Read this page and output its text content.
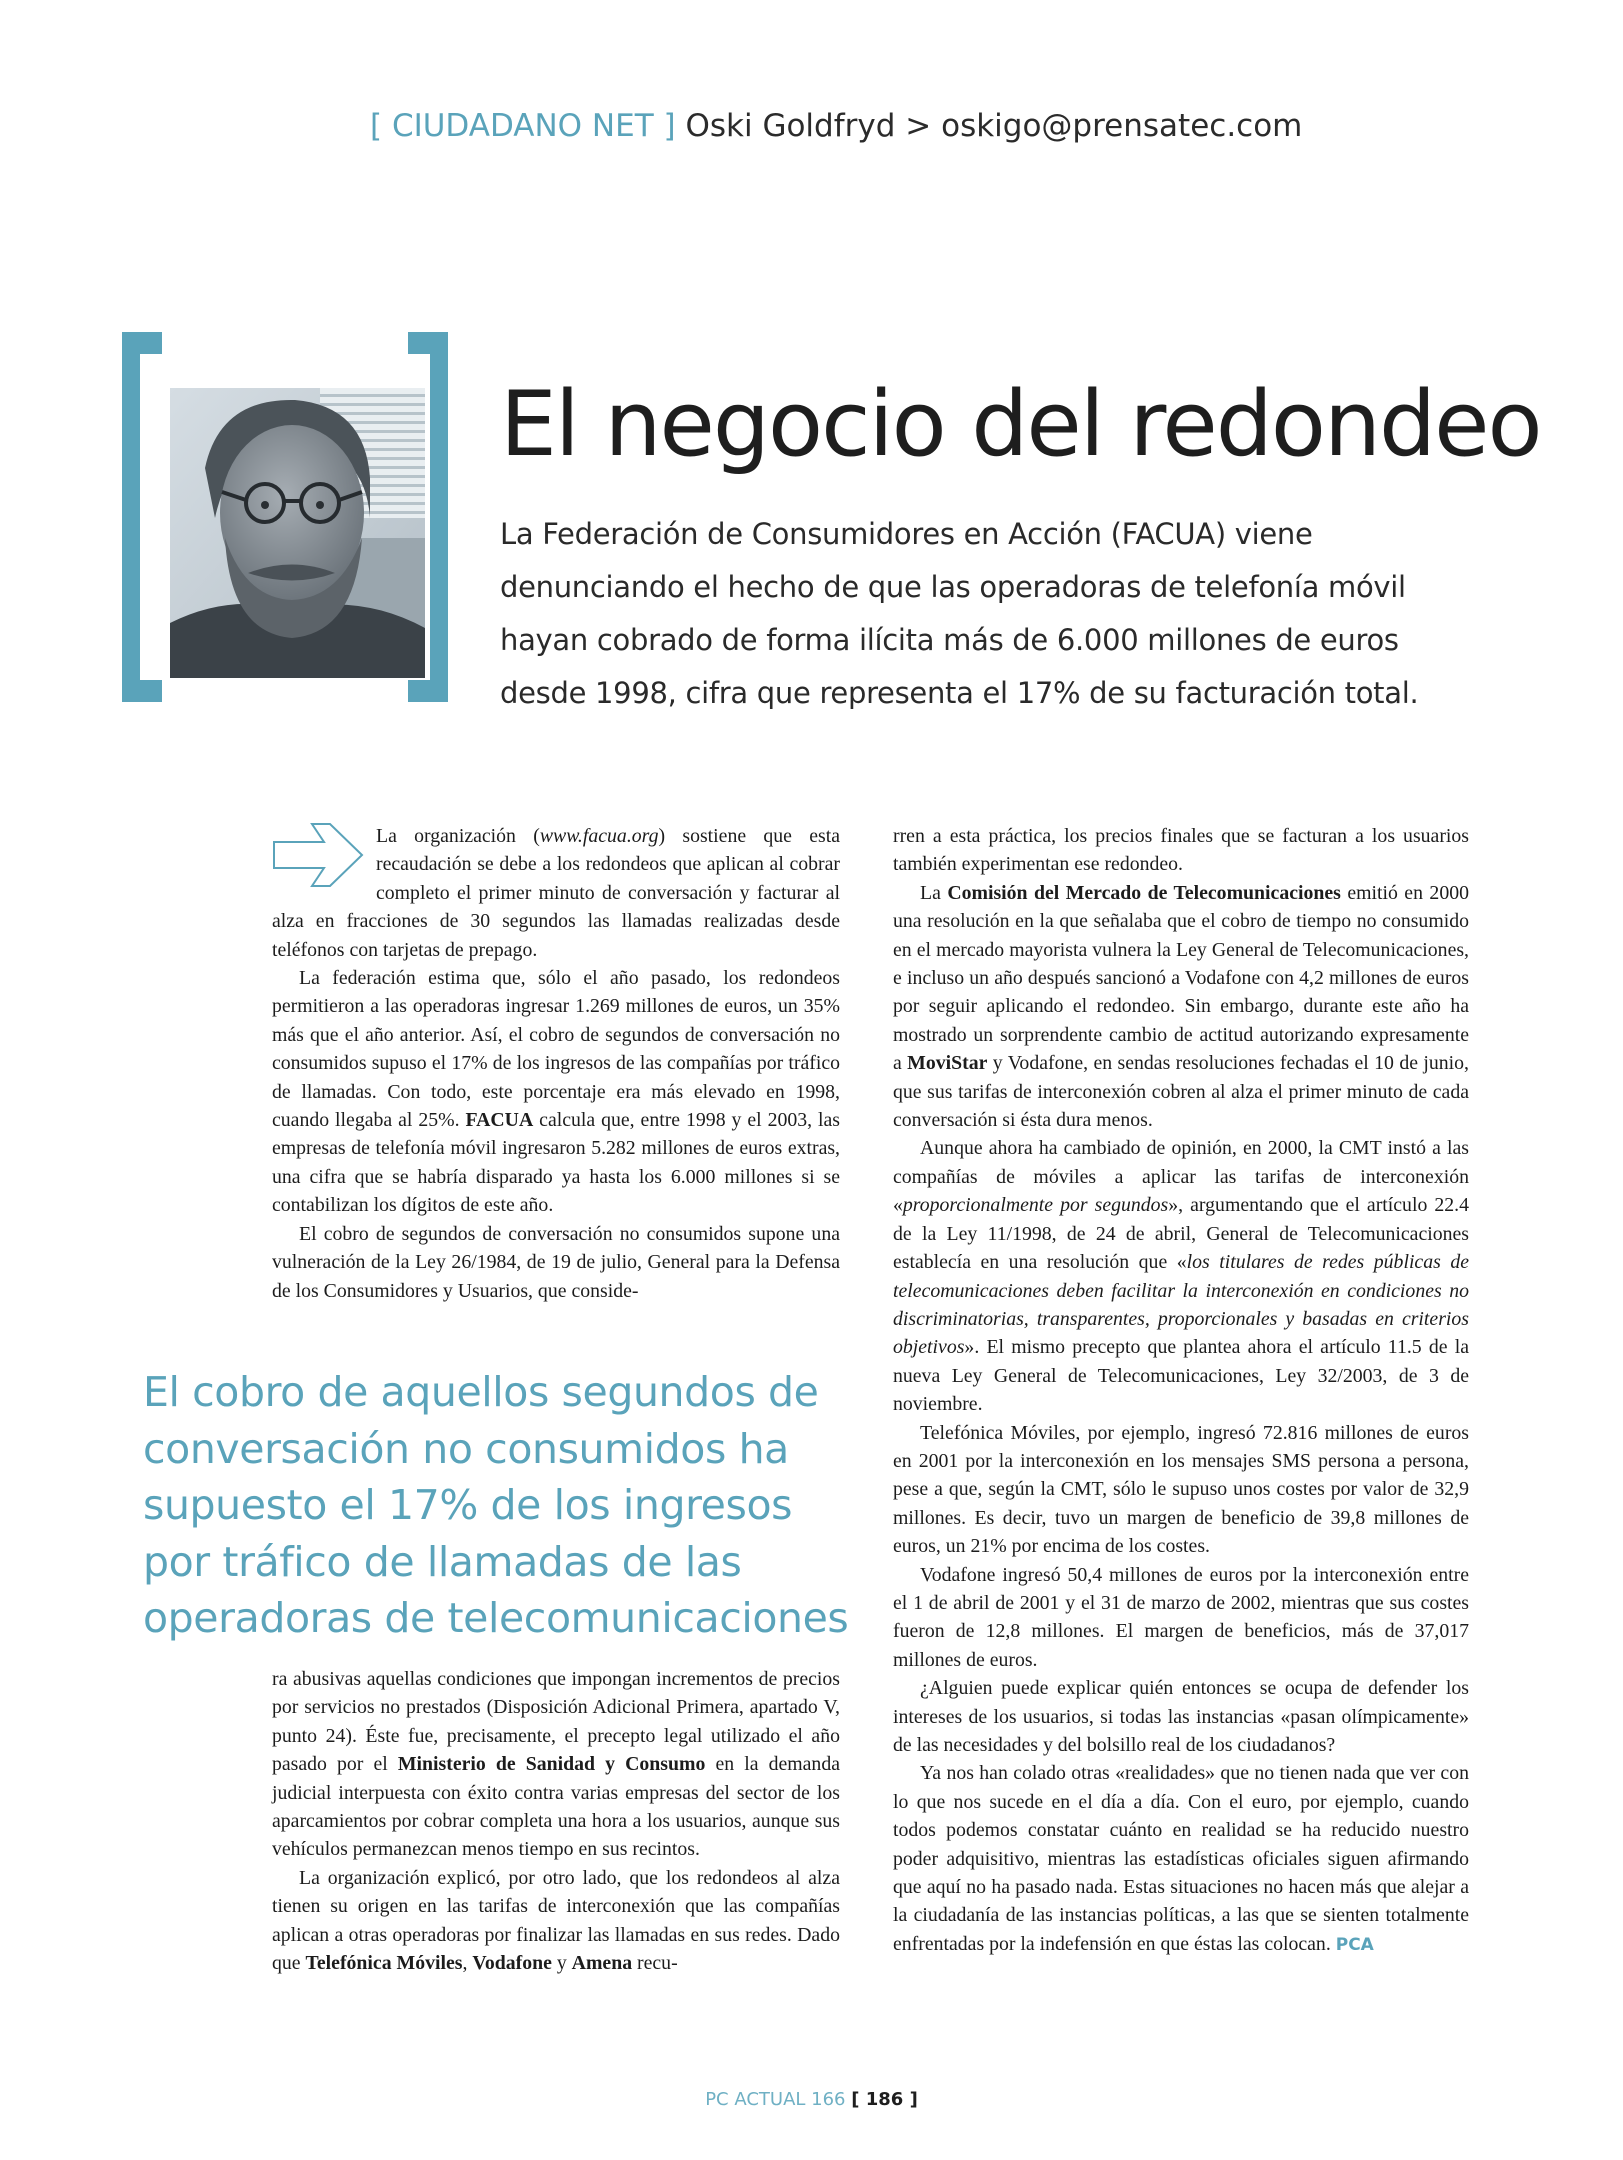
[ CIUDADANO NET ] Oski Goldfryd > oskigo@prensatec.com
El negocio del redondeo

La Federación de Consumidores en Acción (FACUA) viene denunciando el hecho de que las operadoras de telefonía móvil hayan cobrado de forma ilícita más de 6.000 millones de euros desde 1998, cifra que representa el 17% de su facturación total.

La organización (www.facua.org) sostiene que esta recaudación se debe a los redondeos que aplican al cobrar completo el primer minuto de conversación y facturar al alza en fracciones de 30 segundos las llamadas realizadas desde teléfonos con tarjetas de prepago.

La federación estima que, sólo el año pasado, los redondeos permitieron a las operadoras ingresar 1.269 millones de euros, un 35% más que el año anterior. Así, el cobro de segundos de conversación no consumidos supuso el 17% de los ingresos de las compañías por tráfico de llamadas. Con todo, este porcentaje era más elevado en 1998, cuando llegaba al 25%. FACUA calcula que, entre 1998 y el 2003, las empresas de telefonía móvil ingresaron 5.282 millones de euros extras, una cifra que se habría disparado ya hasta los 6.000 millones si se contabilizan los dígitos de este año.

El cobro de segundos de conversación no consumidos supone una vulneración de la Ley 26/1984, de 19 de julio, General para la Defensa de los Consumidores y Usuarios, que conside-

El cobro de aquellos segundos de conversación no consumidos ha supuesto el 17% de los ingresos por tráfico de llamadas de las operadoras de telecomunicaciones

ra abusivas aquellas condiciones que impongan incrementos de precios por servicios no prestados (Disposición Adicional Primera, apartado V, punto 24). Éste fue, precisamente, el precepto legal utilizado el año pasado por el Ministerio de Sanidad y Consumo en la demanda judicial interpuesta con éxito contra varias empresas del sector de los aparcamientos por cobrar completa una hora a los usuarios, aunque sus vehículos permanezcan menos tiempo en sus recintos.

La organización explicó, por otro lado, que los redondeos al alza tienen su origen en las tarifas de interconexión que las compañías aplican a otras operadoras por finalizar las llamadas en sus redes. Dado que Telefónica Móviles, Vodafone y Amena recu-

rren a esta práctica, los precios finales que se facturan a los usuarios también experimentan ese redondeo.

La Comisión del Mercado de Telecomunicaciones emitió en 2000 una resolución en la que señalaba que el cobro de tiempo no consumido en el mercado mayorista vulnera la Ley General de Telecomunicaciones, e incluso un año después sancionó a Vodafone con 4,2 millones de euros por seguir aplicando el redondeo. Sin embargo, durante este año ha mostrado un sorprendente cambio de actitud autorizando expresamente a MoviStar y Vodafone, en sendas resoluciones fechadas el 10 de junio, que sus tarifas de interconexión cobren al alza el primer minuto de cada conversación si ésta dura menos.

Aunque ahora ha cambiado de opinión, en 2000, la CMT instó a las compañías de móviles a aplicar las tarifas de interconexión «proporcionalmente por segundos», argumentando que el artículo 22.4 de la Ley 11/1998, de 24 de abril, General de Telecomunicaciones establecía en una resolución que «los titulares de redes públicas de telecomunicaciones deben facilitar la interconexión en condiciones no discriminatorias, transparentes, proporcionales y basadas en criterios objetivos». El mismo precepto que plantea ahora el artículo 11.5 de la nueva Ley General de Telecomunicaciones, Ley 32/2003, de 3 de noviembre.

Telefónica Móviles, por ejemplo, ingresó 72.816 millones de euros en 2001 por la interconexión en los mensajes SMS persona a persona, pese a que, según la CMT, sólo le supuso unos costes por valor de 32,9 millones. Es decir, tuvo un margen de beneficio de 39,8 millones de euros, un 21% por encima de los costes.

Vodafone ingresó 50,4 millones de euros por la interconexión entre el 1 de abril de 2001 y el 31 de marzo de 2002, mientras que sus costes fueron de 12,8 millones. El margen de beneficios, más de 37,017 millones de euros.

¿Alguien puede explicar quién entonces se ocupa de defender los intereses de los usuarios, si todas las instancias «pasan olímpicamente» de las necesidades y del bolsillo real de los ciudadanos?

Ya nos han colado otras «realidades» que no tienen nada que ver con lo que nos sucede en el día a día. Con el euro, por ejemplo, cuando todos podemos constatar cuánto en realidad se ha reducido nuestro poder adquisitivo, mientras las estadísticas oficiales siguen afirmando que aquí no ha pasado nada. Estas situaciones no hacen más que alejar a la ciudadanía de las instancias políticas, a las que se sienten totalmente enfrentadas por la indefensión en que éstas las colocan. PCA

PC ACTUAL 166 [ 186 ]
